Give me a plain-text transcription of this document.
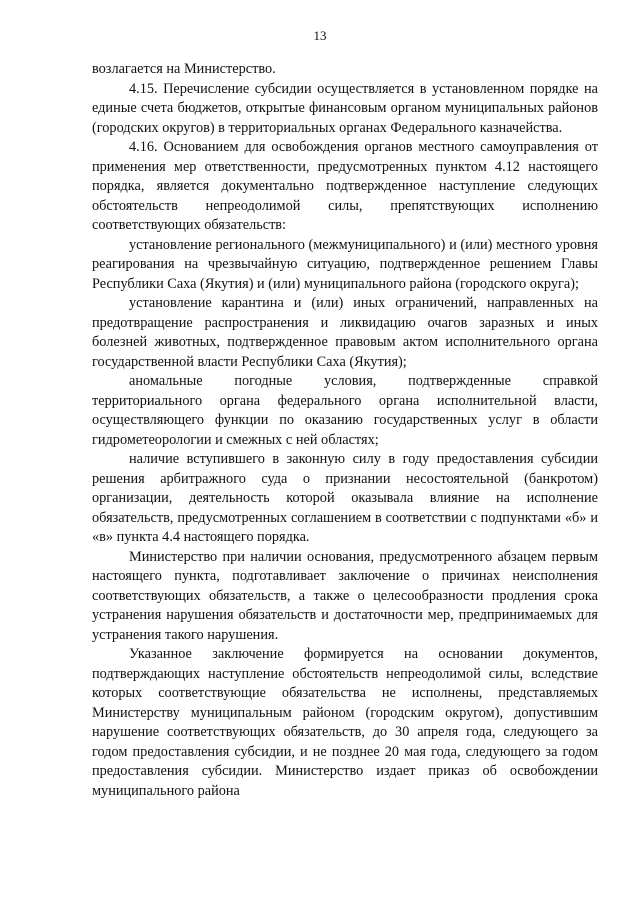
13

возлагается на Министерство.

4.15. Перечисление субсидии осуществляется в установленном порядке на единые счета бюджетов, открытые финансовым органом муниципальных районов (городских округов) в территориальных органах Федерального казначейства.

4.16. Основанием для освобождения органов местного самоуправления от применения мер ответственности, предусмотренных пунктом 4.12 настоящего порядка, является документально подтвержденное наступление следующих обстоятельств непреодолимой силы, препятствующих исполнению соответствующих обязательств:

установление регионального (межмуниципального) и (или) местного уровня реагирования на чрезвычайную ситуацию, подтвержденное решением Главы Республики Саха (Якутия) и (или) муниципального района (городского округа);

установление карантина и (или) иных ограничений, направленных на предотвращение распространения и ликвидацию очагов заразных и иных болезней животных, подтвержденное правовым актом исполнительного органа государственной власти Республики Саха (Якутия);

аномальные погодные условия, подтвержденные справкой территориального органа федерального органа исполнительной власти, осуществляющего функции по оказанию государственных услуг в области гидрометеорологии и смежных с ней областях;

наличие вступившего в законную силу в году предоставления субсидии решения арбитражного суда о признании несостоятельной (банкротом) организации, деятельность которой оказывала влияние на исполнение обязательств, предусмотренных соглашением в соответствии с подпунктами «б» и «в» пункта 4.4 настоящего порядка.

Министерство при наличии основания, предусмотренного абзацем первым настоящего пункта, подготавливает заключение о причинах неисполнения соответствующих обязательств, а также о целесообразности продления срока устранения нарушения обязательств и достаточности мер, предпринимаемых для устранения такого нарушения.

Указанное заключение формируется на основании документов, подтверждающих наступление обстоятельств непреодолимой силы, вследствие которых соответствующие обязательства не исполнены, представляемых Министерству муниципальным районом (городским округом), допустившим нарушение соответствующих обязательств, до 30 апреля года, следующего за годом предоставления субсидии, и не позднее 20 мая года, следующего за годом предоставления субсидии. Министерство издает приказ об освобождении муниципального района
